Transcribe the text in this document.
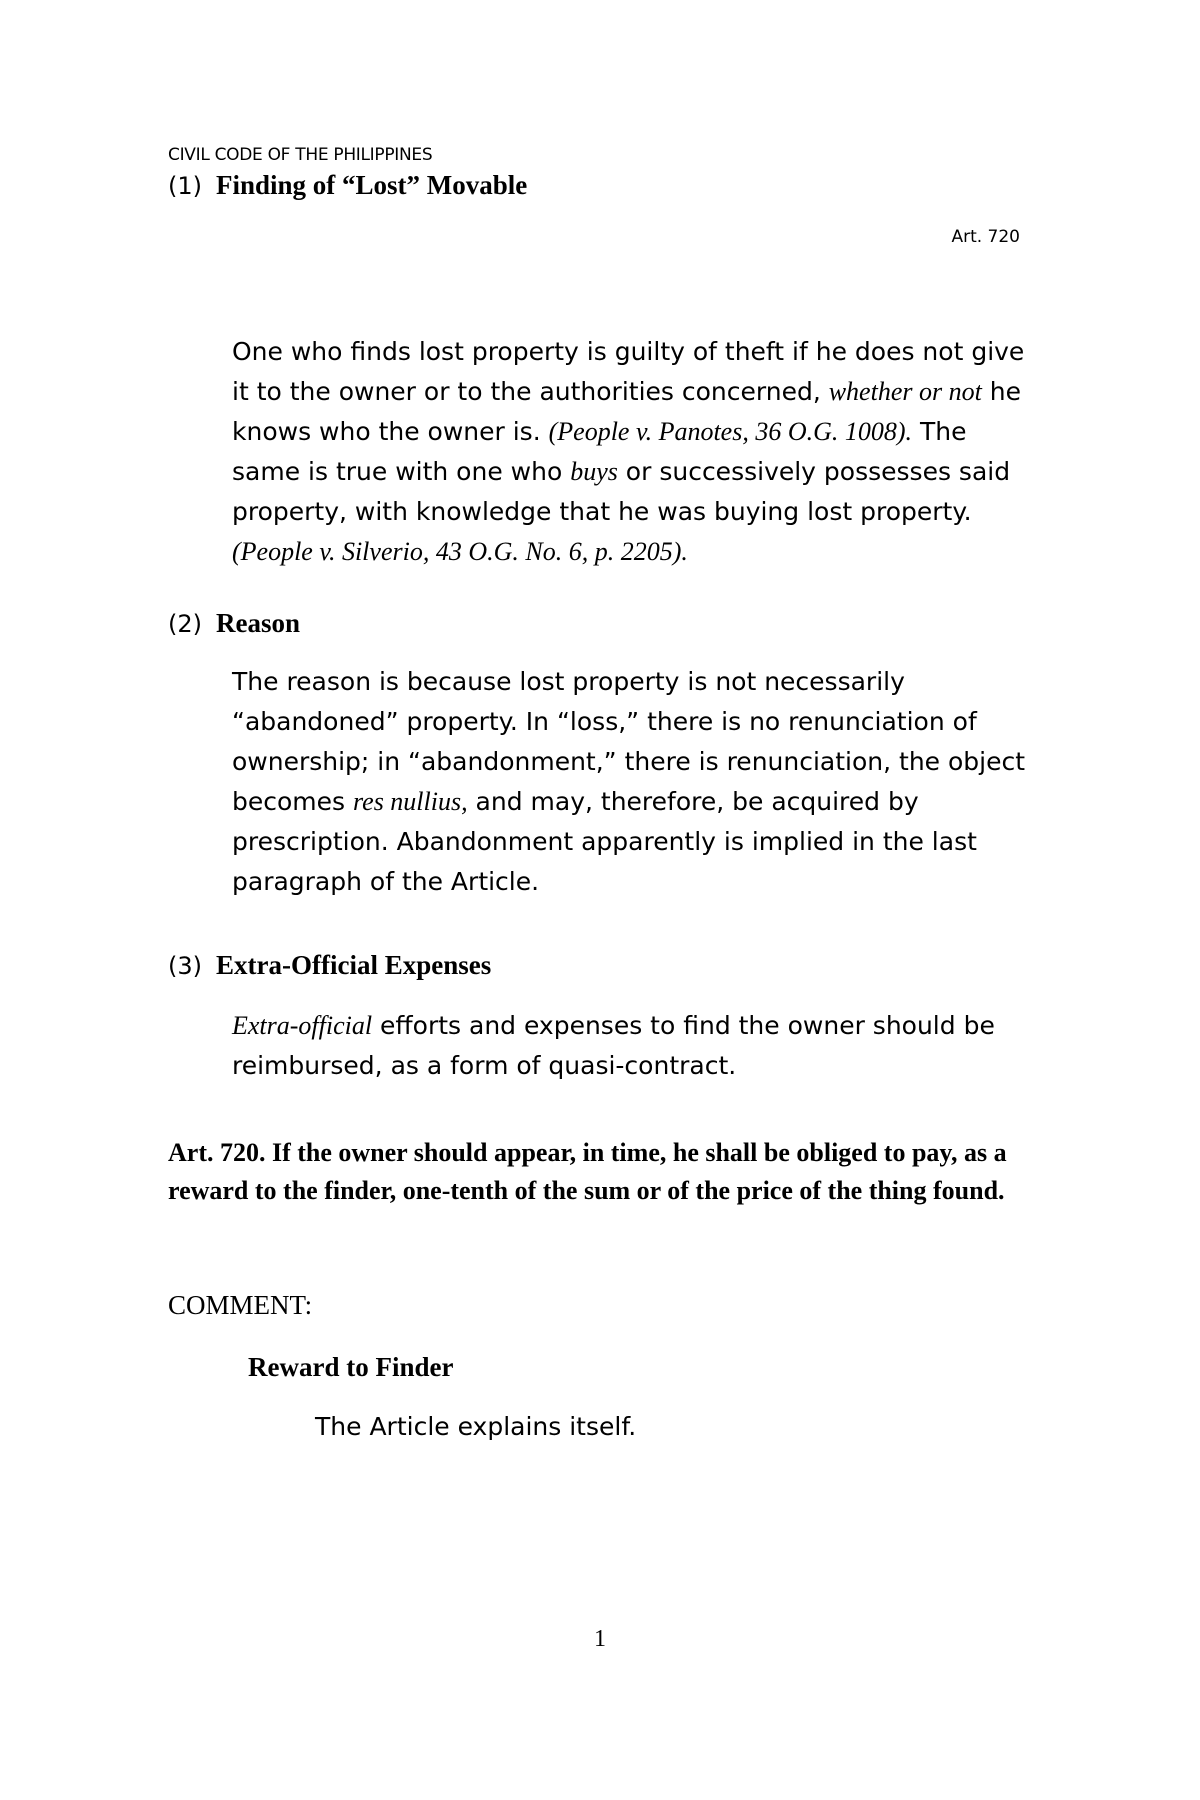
CIVIL CODE OF THE PHILIPPINES
(1) Finding of “Lost” Movable
Art. 720

One who finds lost property is guilty of theft if he does not give it to the owner or to the authorities concerned, whether or not he knows who the owner is. (People v. Panotes, 36 O.G. 1008). The same is true with one who buys or successively possesses said property, with knowledge that he was buying lost property. (People v. Silverio, 43 O.G. No. 6, p. 2205).

(2) Reason

The reason is because lost property is not necessarily “abandoned” property. In “loss,” there is no renunciation of ownership; in “abandonment,” there is renunciation, the object becomes res nullius, and may, therefore, be acquired by prescription. Abandonment apparently is implied in the last paragraph of the Article.

(3) Extra-Official Expenses

Extra-official efforts and expenses to find the owner should be reimbursed, as a form of quasi-contract.

Art. 720. If the owner should appear, in time, he shall be obliged to pay, as a reward to the finder, one-tenth of the sum or of the price of the thing found.

COMMENT:
Reward to Finder
The Article explains itself.
1
